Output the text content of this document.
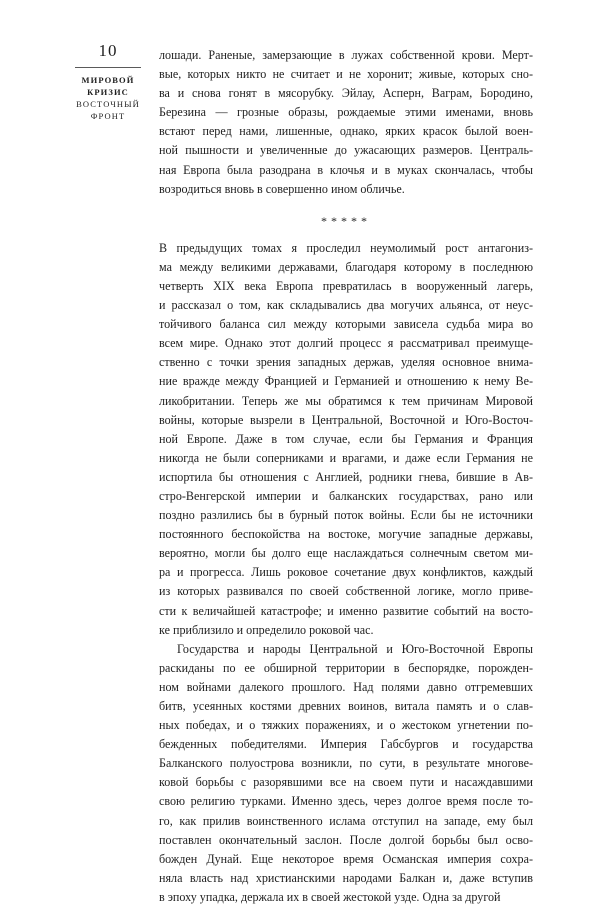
10
МИРОВОЙ
КРИЗИС
ВОСТОЧНЫЙ
ФРОНТ
лошади. Раненые, замерзающие в лужах собственной крови. Мерт-
вые, которых никто не считает и не хоронит; живые, которых сно-
ва и снова гонят в мясорубку. Эйлау, Асперн, Ваграм, Бородино,
Березина — грозные образы, рождаемые этими именами, вновь
встают перед нами, лишенные, однако, ярких красок былой воен-
ной пышности и увеличенные до ужасающих размеров. Централь-
ная Европа была разодрана в клочья и в муках скончалась, чтобы
возродиться вновь в совершенно ином обличье.
*****
В предыдущих томах я проследил неумолимый рост антагониз-
ма между великими державами, благодаря которому в последнюю
четверть XIX века Европа превратилась в вооруженный лагерь,
и рассказал о том, как складывались два могучих альянса, от неус-
тойчивого баланса сил между которыми зависела судьба мира во
всем мире. Однако этот долгий процесс я рассматривал преимуще-
ственно с точки зрения западных держав, уделяя основное внима-
ние вражде между Францией и Германией и отношению к нему Ве-
ликобритании. Теперь же мы обратимся к тем причинам Мировой
войны, которые вызрели в Центральной, Восточной и Юго-Восточ-
ной Европе. Даже в том случае, если бы Германия и Франция
никогда не были соперниками и врагами, и даже если Германия не
испортила бы отношения с Англией, родники гнева, бившие в Ав-
стро-Венгерской империи и балканских государствах, рано или
поздно разлились бы в бурный поток войны. Если бы не источники
постоянного беспокойства на востоке, могучие западные державы,
вероятно, могли бы долго еще наслаждаться солнечным светом ми-
ра и прогресса. Лишь роковое сочетание двух конфликтов, каждый
из которых развивался по своей собственной логике, могло приве-
сти к величайшей катастрофе; и именно развитие событий на восто-
ке приблизило и определило роковой час.
Государства и народы Центральной и Юго-Восточной Европы
раскиданы по ее обширной территории в беспорядке, порожден-
ном войнами далекого прошлого. Над полями давно отгремевших
битв, усеянных костями древних воинов, витала память и о слав-
ных победах, и о тяжких поражениях, и о жестоком угнетении по-
бежденных победителями. Империя Габсбургов и государства
Балканского полуострова возникли, по сути, в результате многове-
ковой борьбы с разорявшими все на своем пути и насаждавшими
свою религию турками. Именно здесь, через долгое время после то-
го, как прилив воинственного ислама отступил на западе, ему был
поставлен окончательный заслон. После долгой борьбы был осво-
божден Дунай. Еще некоторое время Османская империя сохра-
няла власть над христианскими народами Балкан и, даже вступив
в эпоху упадка, держала их в своей жестокой узде. Одна за другой
